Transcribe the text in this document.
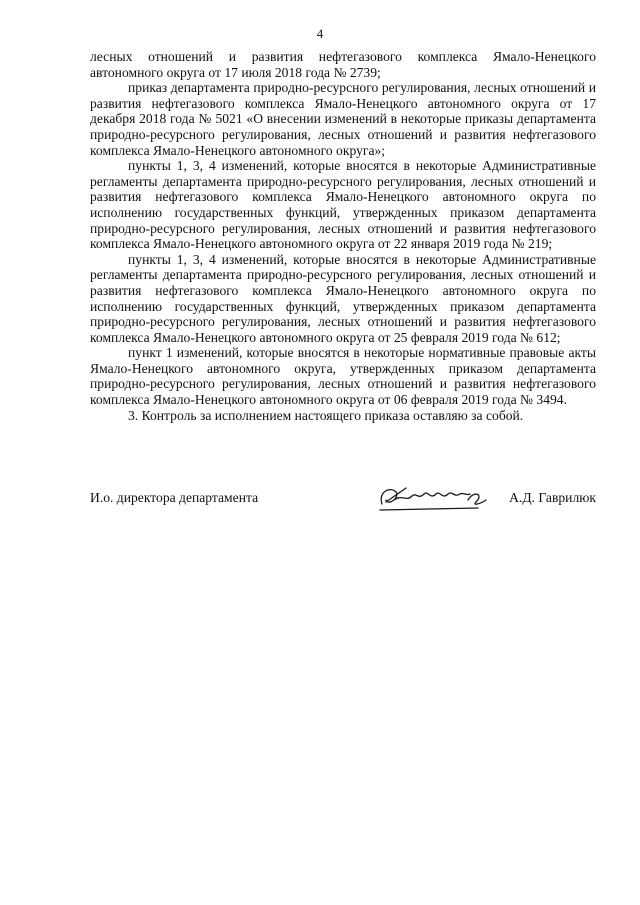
4

лесных отношений и развития нефтегазового комплекса Ямало-Ненецкого автономного округа от 17 июля 2018 года № 2739;

приказ департамента природно-ресурсного регулирования, лесных отношений и развития нефтегазового комплекса Ямало-Ненецкого автономного округа от 17 декабря 2018 года № 5021 «О внесении изменений в некоторые приказы департамента природно-ресурсного регулирования, лесных отношений и развития нефтегазового комплекса Ямало-Ненецкого автономного округа»;

пункты 1, 3, 4 изменений, которые вносятся в некоторые Административные регламенты департамента природно-ресурсного регулирования, лесных отношений и развития нефтегазового комплекса Ямало-Ненецкого автономного округа по исполнению государственных функций, утвержденных приказом департамента природно-ресурсного регулирования, лесных отношений и развития нефтегазового комплекса Ямало-Ненецкого автономного округа от 22 января 2019 года № 219;

пункты 1, 3, 4 изменений, которые вносятся в некоторые Административные регламенты департамента природно-ресурсного регулирования, лесных отношений и развития нефтегазового комплекса Ямало-Ненецкого автономного округа по исполнению государственных функций, утвержденных приказом департамента природно-ресурсного регулирования, лесных отношений и развития нефтегазового комплекса Ямало-Ненецкого автономного округа от 25 февраля 2019 года № 612;

пункт 1 изменений, которые вносятся в некоторые нормативные правовые акты Ямало-Ненецкого автономного округа, утвержденных приказом департамента природно-ресурсного регулирования, лесных отношений и развития нефтегазового комплекса Ямало-Ненецкого автономного округа от 06 февраля 2019 года № 3494.

3. Контроль за исполнением настоящего приказа оставляю за собой.

И.о. директора департамента	А.Д. Гаврилюк
